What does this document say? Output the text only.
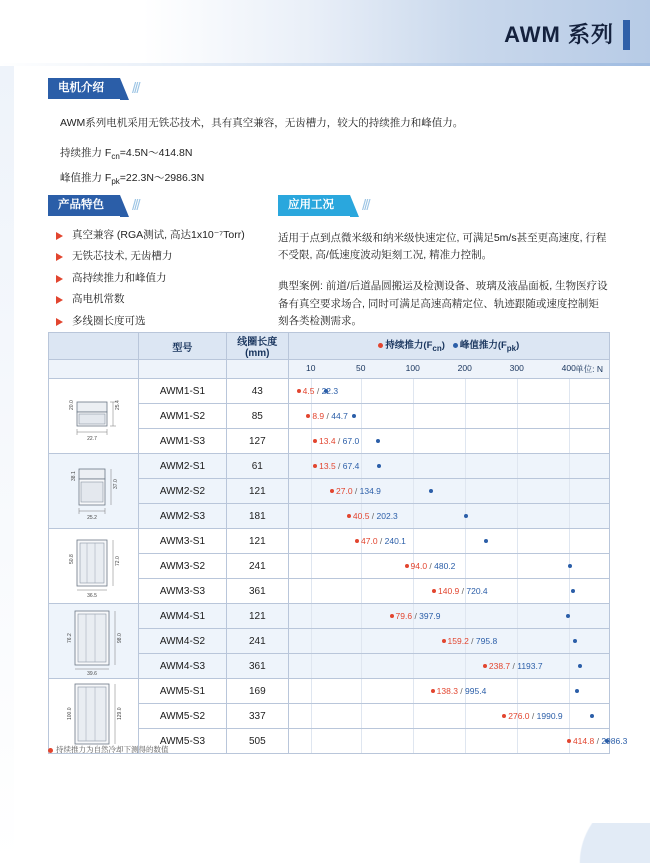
AWM 系列
电机介绍 ///

AWM系列电机采用无铁芯技术，具有真空兼容，无齿槽力，较大的持续推力和峰值力。

持续推力 $F_{cn}=4.5N\sim 414.8N$

峰值推力 $F_{pk}=22.3N\sim 2986.3N$

产品特色 ///
真空兼容 (RGA测试, 高达1x10⁻⁷Torr)
无铁芯技术, 无齿槽力
高持续推力和峰值力
高电机常数
多线圈长度可选
应用工况 ///

适用于点到点微米级和纳米级快速定位, 可满足5m/s甚至更高速度, 行程不受限, 高/低速度波动矩刻工况, 精准力控制。

典型案例: 前道/后道晶圆搬运及检测设备、玻璃及液晶面板, 生物医疗设备有真空要求场合, 同时可满足高速高精定位、轨迹跟随或速度控制矩刻各类检测需求。

	型号	线圈长度
(mm)	持续推力$(F_{cn})$ 峰值推力$(F_{pk})$

单位: N
10	50	100	200	300	400

22.7
25.4
20.0	AWM1-S1	43	4.5 / 22.3

	AWM1-S2	85	8.9 / 44.7

	AWM1-S3	127	13.4 / 67.0

25.2
37.0
38.1	AWM2-S1	61	13.5 / 67.4

	AWM2-S2	121	27.0 / 134.9

	AWM2-S3	181	40.5 / 202.3

36.5
72.0
50.8	AWM3-S1	121	47.0 / 240.1

	AWM3-S2	241	94.0 / 480.2

	AWM3-S3	361	140.9 / 720.4

39.6
98.0
76.2	AWM4-S1	121	79.6 / 397.9

	AWM4-S2	241	159.2 / 795.8

	AWM4-S3	361	238.7 / 1193.7

129.0
100.0	AWM5-S1	169	138.3 / 995.4

	AWM5-S2	337	276.0 / 1990.9

	AWM5-S3	505	414.8 / 2986.3
持续推力为自然冷却下测得的数值
